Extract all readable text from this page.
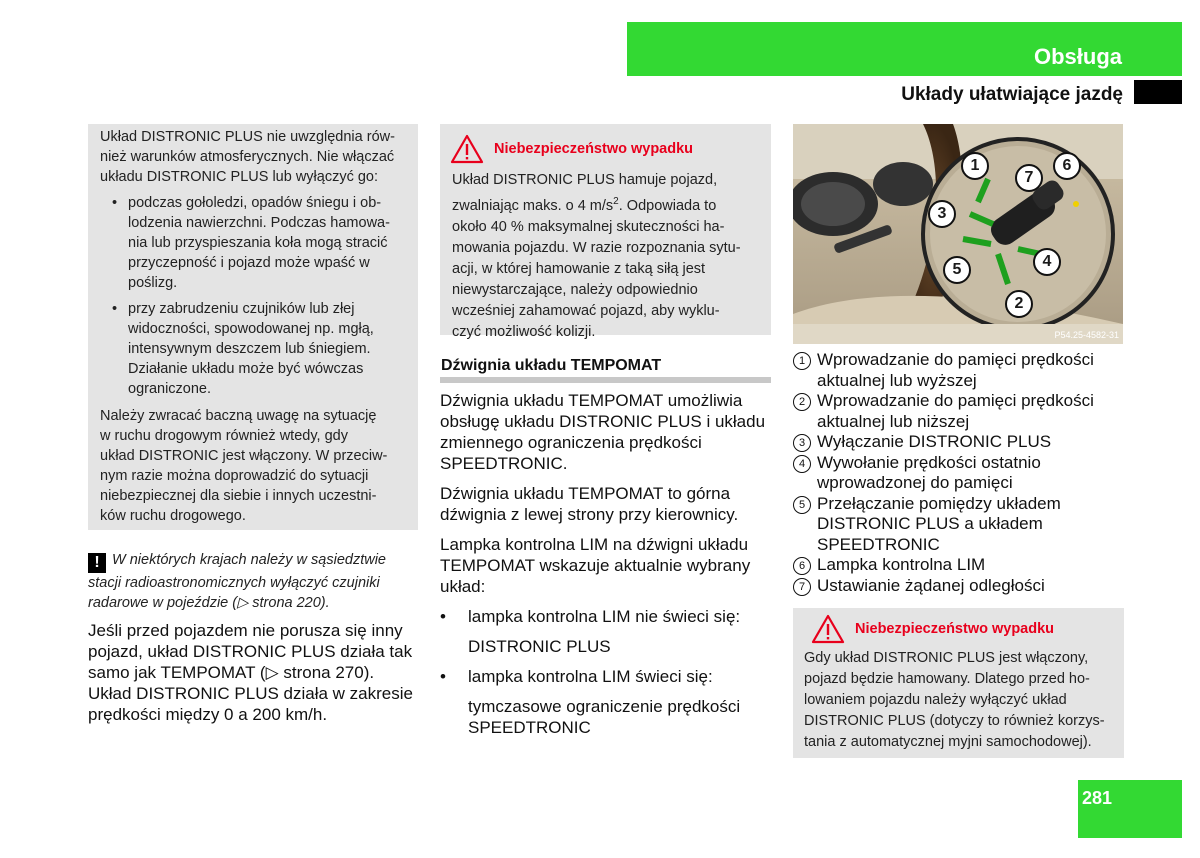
Obsługa
Układy ułatwiające jazdę

Układ DISTRONIC PLUS nie uwzględnia rów-
nież warunków atmosferycznych. Nie włączać
układu DISTRONIC PLUS lub wyłączyć go:

• podczas gołoledzi, opadów śniegu i ob-
lodzenia nawierzchni. Podczas hamowa-
nia lub przyspieszania koła mogą stracić
przyczepność i pojazd może wpaść w
poślizg.
• przy zabrudzeniu czujników lub złej
widoczności, spowodowanej np. mgłą,
intensywnym deszczem lub śniegiem.
Działanie układu może być wówczas
ograniczone.

Należy zwracać baczną uwagę na sytuację
w ruchu drogowym również wtedy, gdy
układ DISTRONIC jest włączony. W przeciw-
nym razie można doprowadzić do sytuacji
niebezpiecznej dla siebie i innych uczestni-
ków ruchu drogowego.

! W niektórych krajach należy w sąsiedztwie
stacji radioastronomicznych wyłączyć czujniki
radarowe w pojeździe (▷ strona 220).

Jeśli przed pojazdem nie porusza się inny
pojazd, układ DISTRONIC PLUS działa tak
samo jak TEMPOMAT (▷ strona 270).
Układ DISTRONIC PLUS działa w zakresie
prędkości między 0 a 200 km/h.

Niebezpieczeństwo wypadku
Układ DISTRONIC PLUS hamuje pojazd,
zwalniając maks. o 4 $m/s^2$. Odpowiada to
około 40 % maksymalnej skuteczności ha-
mowania pojazdu. W razie rozpoznania sytu-
acji, w której hamowanie z taką siłą jest
niewystarczające, należy odpowiednio
wcześniej zahamować pojazd, aby wyklu-
czyć możliwość kolizji.
Dźwignia układu TEMPOMAT

Dźwignia układu TEMPOMAT umożliwia
obsługę układu DISTRONIC PLUS i układu
zmiennego ograniczenia prędkości
SPEEDTRONIC.

Dźwignia układu TEMPOMAT to górna
dźwignia z lewej strony przy kierownicy.

Lampka kontrolna LIM na dźwigni układu
TEMPOMAT wskazuje aktualnie wybrany
układ:

•	lampka kontrolna LIM nie świeci się:

DISTRONIC PLUS

•	lampka kontrolna LIM świeci się:

tymczasowe ograniczenie prędkości
SPEEDTRONIC

1
7
6
3
4
5
2
P54.25-4582-31
1 Wprowadzanie do pamięci prędkości
aktualnej lub wyższej
2 Wprowadzanie do pamięci prędkości
aktualnej lub niższej
3 Wyłączanie DISTRONIC PLUS
4 Wywołanie prędkości ostatnio
wprowadzonej do pamięci
5 Przełączanie pomiędzy układem
DISTRONIC PLUS a układem
SPEEDTRONIC
6 Lampka kontrolna LIM
7 Ustawianie żądanej odległości
Niebezpieczeństwo wypadku
Gdy układ DISTRONIC PLUS jest włączony,
pojazd będzie hamowany. Dlatego przed ho-
lowaniem pojazdu należy wyłączyć układ
DISTRONIC PLUS (dotyczy to również korzys-
tania z automatycznej myjni samochodowej).
281
